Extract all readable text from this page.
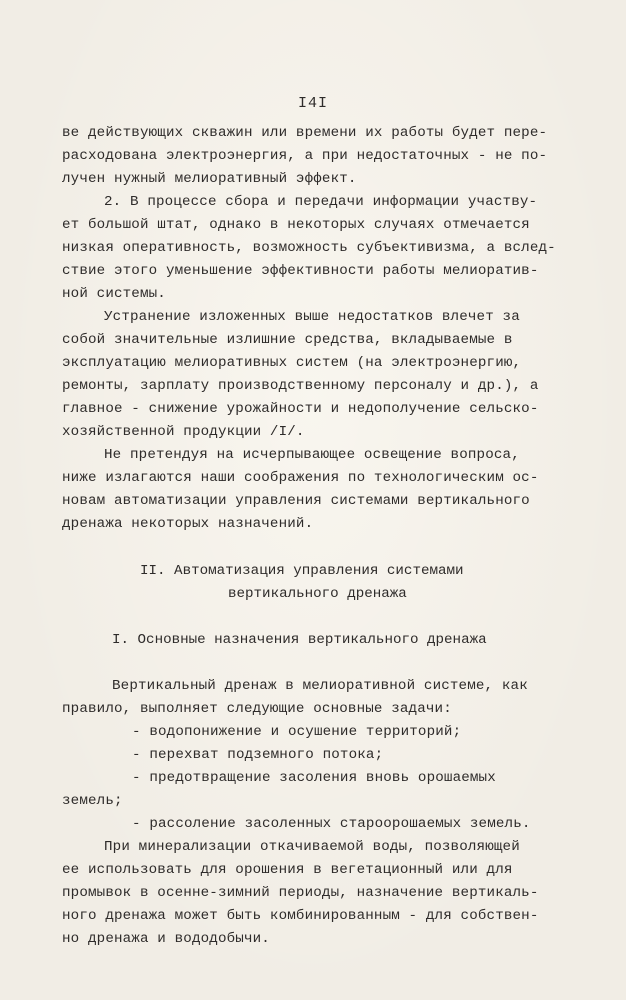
I4I
ве действующих скважин или времени их работы будет пере-
расходована электроэнергия, а при недостаточных - не по-
лучен нужный мелиоративный эффект.
2. В процессе сбора и передачи информации участву-
ет большой штат, однако в некоторых случаях отмечается
низкая оперативность, возможность субъективизма, а вслед-
ствие этого уменьшение эффективности работы мелиоратив-
ной системы.
Устранение изложенных выше недостатков влечет за
собой значительные излишние средства, вкладываемые в
эксплуатацию мелиоративных систем (на электроэнергию,
ремонты, зарплату производственному персоналу и др.), а
главное - снижение урожайности и недополучение сельско-
хозяйственной продукции /I/.
Не претендуя на исчерпывающее освещение вопроса,
ниже излагаются наши соображения по технологическим ос-
новам автоматизации управления системами вертикального
дренажа некоторых назначений.
II. Автоматизация управления системами
вертикального дренажа
I. Основные назначения вертикального дренажа
Вертикальный дренаж в мелиоративной системе, как
правило, выполняет следующие основные задачи:
- водопонижение и осушение территорий;
- перехват подземного потока;
- предотвращение засоления вновь орошаемых
земель;
- рассоление засоленных староорошаемых земель.
При минерализации откачиваемой воды, позволяющей
ее использовать для орошения в вегетационный или для
промывок в осенне-зимний периоды, назначение вертикаль-
ного дренажа может быть комбинированным - для собствен-
но дренажа и вододобычи.
